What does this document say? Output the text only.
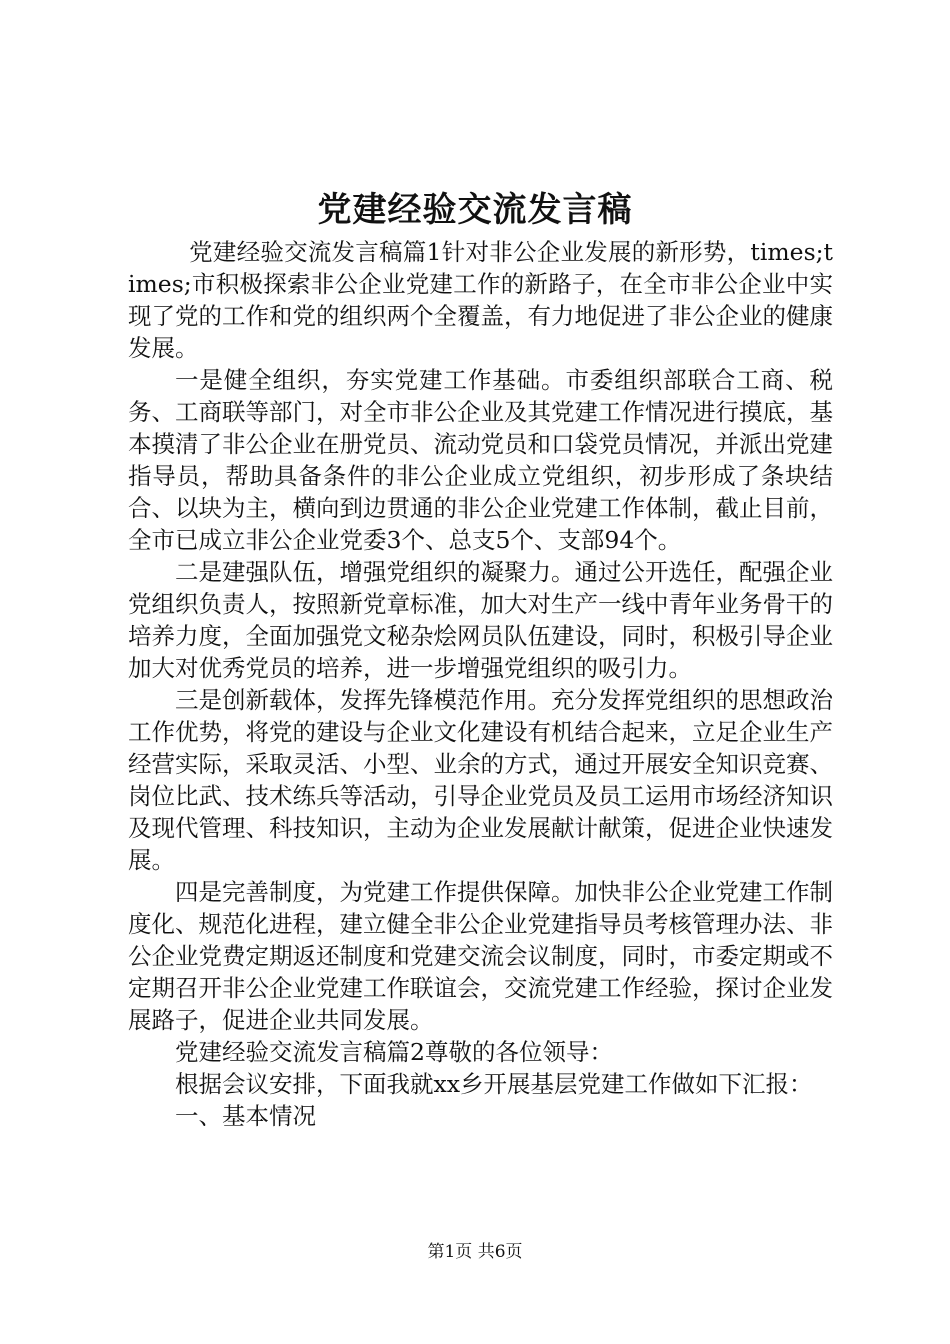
党建经验交流发言稿

党建经验交流发言稿篇1针对非公企业发展的新形势，times;times;市积极探索非公企业党建工作的新路子，在全市非公企业中实现了党的工作和党的组织两个全覆盖，有力地促进了非公企业的健康发展。

一是健全组织，夯实党建工作基础。市委组织部联合工商、税务、工商联等部门，对全市非公企业及其党建工作情况进行摸底，基本摸清了非公企业在册党员、流动党员和口袋党员情况，并派出党建指导员，帮助具备条件的非公企业成立党组织，初步形成了条块结合、以块为主，横向到边贯通的非公企业党建工作体制，截止目前，全市已成立非公企业党委3个、总支5个、支部94个。

二是建强队伍，增强党组织的凝聚力。通过公开选任，配强企业党组织负责人，按照新党章标准，加大对生产一线中青年业务骨干的培养力度，全面加强党文秘杂烩网员队伍建设，同时，积极引导企业加大对优秀党员的培养，进一步增强党组织的吸引力。

三是创新载体，发挥先锋模范作用。充分发挥党组织的思想政治工作优势，将党的建设与企业文化建设有机结合起来，立足企业生产经营实际，采取灵活、小型、业余的方式，通过开展安全知识竞赛、岗位比武、技术练兵等活动，引导企业党员及员工运用市场经济知识及现代管理、科技知识，主动为企业发展献计献策，促进企业快速发展。

四是完善制度，为党建工作提供保障。加快非公企业党建工作制度化、规范化进程，建立健全非公企业党建指导员考核管理办法、非公企业党费定期返还制度和党建交流会议制度，同时，市委定期或不定期召开非公企业党建工作联谊会，交流党建工作经验，探讨企业发展路子，促进企业共同发展。

党建经验交流发言稿篇2尊敬的各位领导：

根据会议安排，下面我就xx乡开展基层党建工作做如下汇报：

一、基本情况

第1页 共6页
